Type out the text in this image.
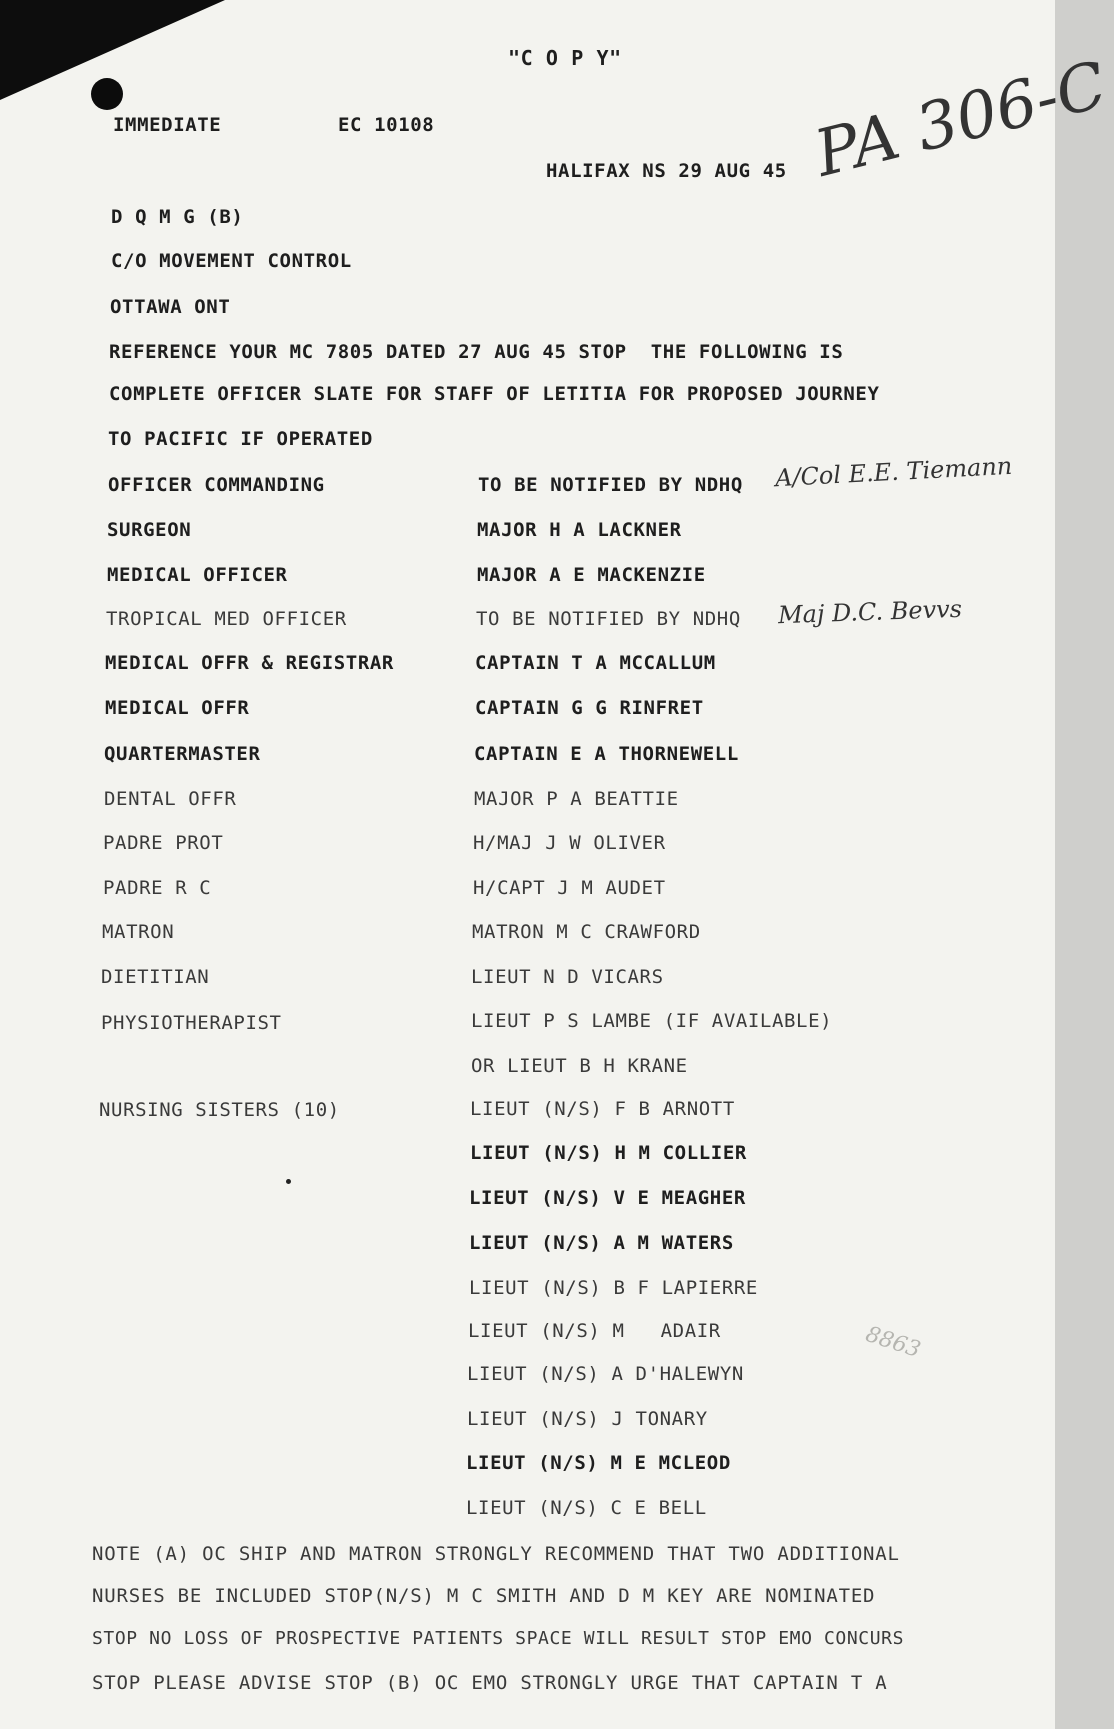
"C O P Y"
IMMEDIATE	EC 10108
HALIFAX NS 29 AUG 45 PA 306-C
D Q M G (B)
C/O MOVEMENT CONTROL
OTTAWA ONT
REFERENCE YOUR MC 7805 DATED 27 AUG 45 STOP  THE FOLLOWING IS
COMPLETE OFFICER SLATE FOR STAFF OF LETITIA FOR PROPOSED JOURNEY
TO PACIFIC IF OPERATED
OFFICER COMMANDING	TO BE NOTIFIED BY NDHQ A/Col E.E. Tiemann
SURGEON	MAJOR H A LACKNER
MEDICAL OFFICER	MAJOR A E MACKENZIE
TROPICAL MED OFFICER	TO BE NOTIFIED BY NDHQ Maj D.C. Bevvs
MEDICAL OFFR & REGISTRAR	CAPTAIN T A MCCALLUM
MEDICAL OFFR	CAPTAIN G G RINFRET
QUARTERMASTER	CAPTAIN E A THORNEWELL
DENTAL OFFR	MAJOR P A BEATTIE
PADRE PROT	H/MAJ J W OLIVER
PADRE R C	H/CAPT J M AUDET
MATRON	MATRON M C CRAWFORD
DIETITIAN	LIEUT N D VICARS
PHYSIOTHERAPIST	LIEUT P S LAMBE (IF AVAILABLE)
OR LIEUT B H KRANE
NURSING SISTERS (10)	LIEUT (N/S) F B ARNOTT
LIEUT (N/S) H M COLLIER
LIEUT (N/S) V E MEAGHER
LIEUT (N/S) A M WATERS
LIEUT (N/S) B F LAPIERRE
LIEUT (N/S) M   ADAIR
LIEUT (N/S) A D'HALEWYN
LIEUT (N/S) J TONARY
LIEUT (N/S) M E MCLEOD
LIEUT (N/S) C E BELL
8863
NOTE (A) OC SHIP AND MATRON STRONGLY RECOMMEND THAT TWO ADDITIONAL
NURSES BE INCLUDED STOP(N/S) M C SMITH AND D M KEY ARE NOMINATED
STOP NO LOSS OF PROSPECTIVE PATIENTS SPACE WILL RESULT STOP EMO CONCURS
STOP PLEASE ADVISE STOP (B) OC EMO STRONGLY URGE THAT CAPTAIN T A
